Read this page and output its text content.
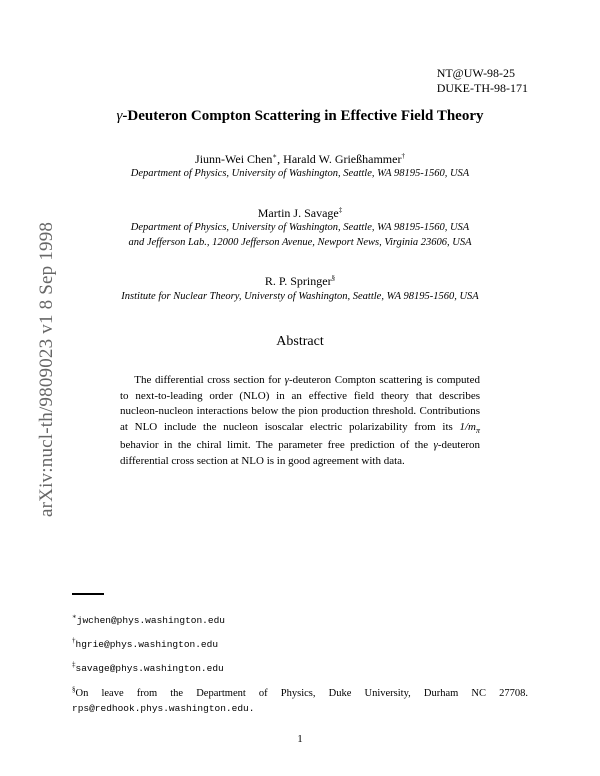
arXiv:nucl-th/9809023 v1 8 Sep 1998
NT@UW-98-25
DUKE-TH-98-171
γ-Deuteron Compton Scattering in Effective Field Theory
Jiunn-Wei Chen∗, Harald W. Grießhammer†
Department of Physics, University of Washington, Seattle, WA 98195-1560, USA
Martin J. Savage‡
Department of Physics, University of Washington, Seattle, WA 98195-1560, USA
and Jefferson Lab., 12000 Jefferson Avenue, Newport News, Virginia 23606, USA
R. P. Springer§
Institute for Nuclear Theory, Universty of Washington, Seattle, WA 98195-1560, USA
Abstract
The differential cross section for γ-deuteron Compton scattering is computed to next-to-leading order (NLO) in an effective field theory that describes nucleon-nucleon interactions below the pion production threshold. Contributions at NLO include the nucleon isoscalar electric polarizability from its $1/m_\pi$ behavior in the chiral limit. The parameter free prediction of the γ-deuteron differential cross section at NLO is in good agreement with data.
∗jwchen@phys.washington.edu
†hgrie@phys.washington.edu
‡savage@phys.washington.edu
§On leave from the Department of Physics, Duke University, Durham NC 27708.
rps@redhook.phys.washington.edu.
1
